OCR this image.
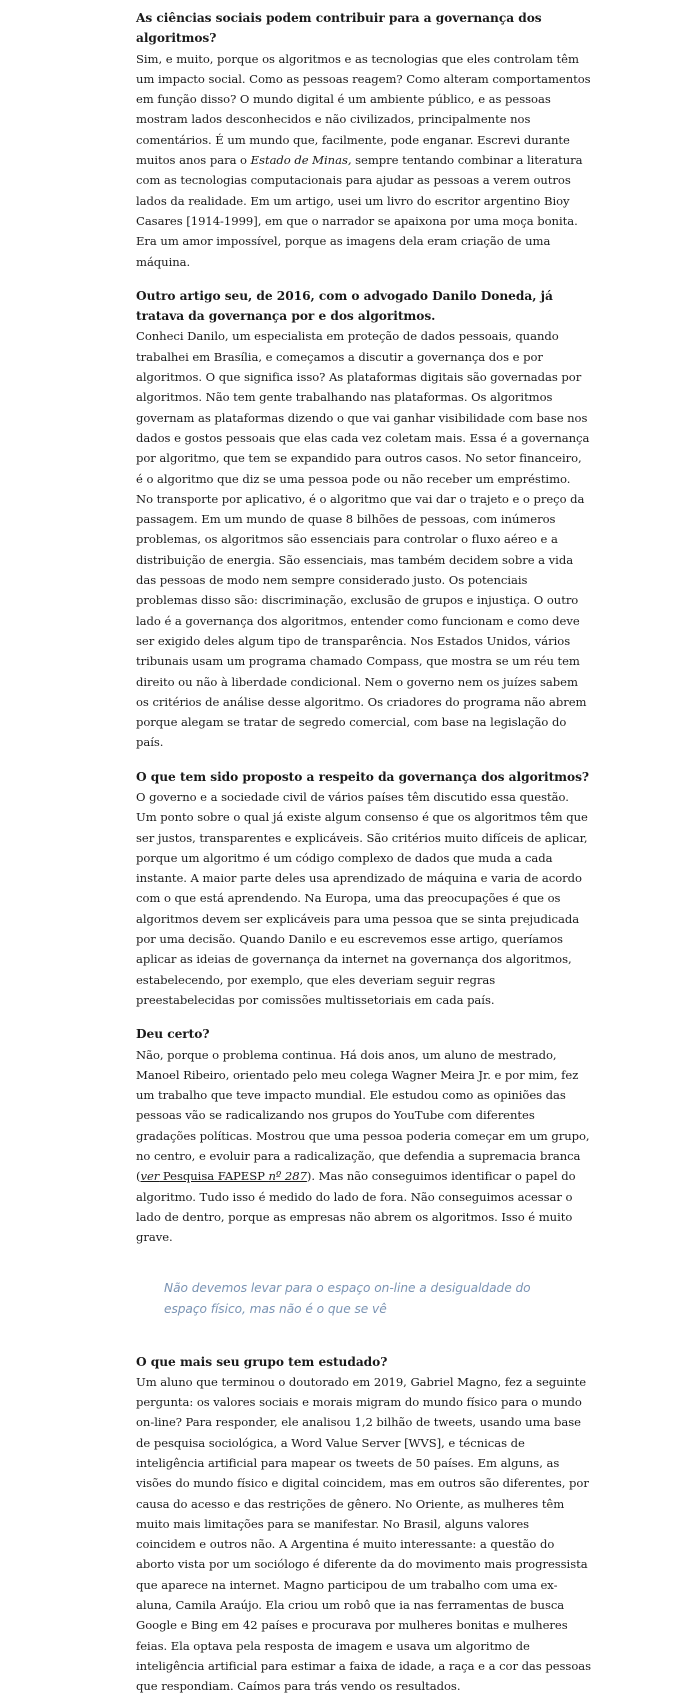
As ciências sociais podem contribuir para a governança dos algoritmos?

Sim, e muito, porque os algoritmos e as tecnologias que eles controlam têm um impacto social. Como as pessoas reagem? Como alteram comportamentos em função disso? O mundo digital é um ambiente público, e as pessoas mostram lados desconhecidos e não civilizados, principalmente nos comentários. É um mundo que, facilmente, pode enganar. Escrevi durante muitos anos para o Estado de Minas, sempre tentando combinar a literatura com as tecnologias computacionais para ajudar as pessoas a verem outros lados da realidade. Em um artigo, usei um livro do escritor argentino Bioy Casares [1914-1999], em que o narrador se apaixona por uma moça bonita. Era um amor impossível, porque as imagens dela eram criação de uma máquina.

Outro artigo seu, de 2016, com o advogado Danilo Doneda, já tratava da governança por e dos algoritmos.

Conheci Danilo, um especialista em proteção de dados pessoais, quando trabalhei em Brasília, e começamos a discutir a governança dos e por algoritmos. O que significa isso? As plataformas digitais são governadas por algoritmos. Não tem gente trabalhando nas plataformas. Os algoritmos governam as plataformas dizendo o que vai ganhar visibilidade com base nos dados e gostos pessoais que elas cada vez coletam mais. Essa é a governança por algoritmo, que tem se expandido para outros casos. No setor financeiro, é o algoritmo que diz se uma pessoa pode ou não receber um empréstimo. No transporte por aplicativo, é o algoritmo que vai dar o trajeto e o preço da passagem. Em um mundo de quase 8 bilhões de pessoas, com inúmeros problemas, os algoritmos são essenciais para controlar o fluxo aéreo e a distribuição de energia. São essenciais, mas também decidem sobre a vida das pessoas de modo nem sempre considerado justo. Os potenciais problemas disso são: discriminação, exclusão de grupos e injustiça. O outro lado é a governança dos algoritmos, entender como funcionam e como deve ser exigido deles algum tipo de transparência. Nos Estados Unidos, vários tribunais usam um programa chamado Compass, que mostra se um réu tem direito ou não à liberdade condicional. Nem o governo nem os juízes sabem os critérios de análise desse algoritmo. Os criadores do programa não abrem porque alegam se tratar de segredo comercial, com base na legislação do país.

O que tem sido proposto a respeito da governança dos algoritmos?

O governo e a sociedade civil de vários países têm discutido essa questão. Um ponto sobre o qual já existe algum consenso é que os algoritmos têm que ser justos, transparentes e explicáveis. São critérios muito difíceis de aplicar, porque um algoritmo é um código complexo de dados que muda a cada instante. A maior parte deles usa aprendizado de máquina e varia de acordo com o que está aprendendo. Na Europa, uma das preocupações é que os algoritmos devem ser explicáveis para uma pessoa que se sinta prejudicada por uma decisão. Quando Danilo e eu escrevemos esse artigo, queríamos aplicar as ideias de governança da internet na governança dos algoritmos, estabelecendo, por exemplo, que eles deveriam seguir regras preestabelecidas por comissões multissetoriais em cada país.

Deu certo?

Não, porque o problema continua. Há dois anos, um aluno de mestrado, Manoel Ribeiro, orientado pelo meu colega Wagner Meira Jr. e por mim, fez um trabalho que teve impacto mundial. Ele estudou como as opiniões das pessoas vão se radicalizando nos grupos do YouTube com diferentes gradações políticas. Mostrou que uma pessoa poderia começar em um grupo, no centro, e evoluir para a radicalização, que defendia a supremacia branca (ver Pesquisa FAPESP nº 287). Mas não conseguimos identificar o papel do algoritmo. Tudo isso é medido do lado de fora. Não conseguimos acessar o lado de dentro, porque as empresas não abrem os algoritmos. Isso é muito grave.

Não devemos levar para o espaço on-line a desigualdade do espaço físico, mas não é o que se vê

O que mais seu grupo tem estudado?

Um aluno que terminou o doutorado em 2019, Gabriel Magno, fez a seguinte pergunta: os valores sociais e morais migram do mundo físico para o mundo on-line? Para responder, ele analisou 1,2 bilhão de tweets, usando uma base de pesquisa sociológica, a Word Value Server [WVS], e técnicas de inteligência artificial para mapear os tweets de 50 países. Em alguns, as visões do mundo físico e digital coincidem, mas em outros são diferentes, por causa do acesso e das restrições de gênero. No Oriente, as mulheres têm muito mais limitações para se manifestar. No Brasil, alguns valores coincidem e outros não. A Argentina é muito interessante: a questão do aborto vista por um sociólogo é diferente da do movimento mais progressista que aparece na internet. Magno participou de um trabalho com uma ex-aluna, Camila Araújo. Ela criou um robô que ia nas ferramentas de busca Google e Bing em 42 países e procurava por mulheres bonitas e mulheres feias. Ela optava pela resposta de imagem e usava um algoritmo de inteligência artificial para estimar a faixa de idade, a raça e a cor das pessoas que respondiam. Caímos para trás vendo os resultados.
